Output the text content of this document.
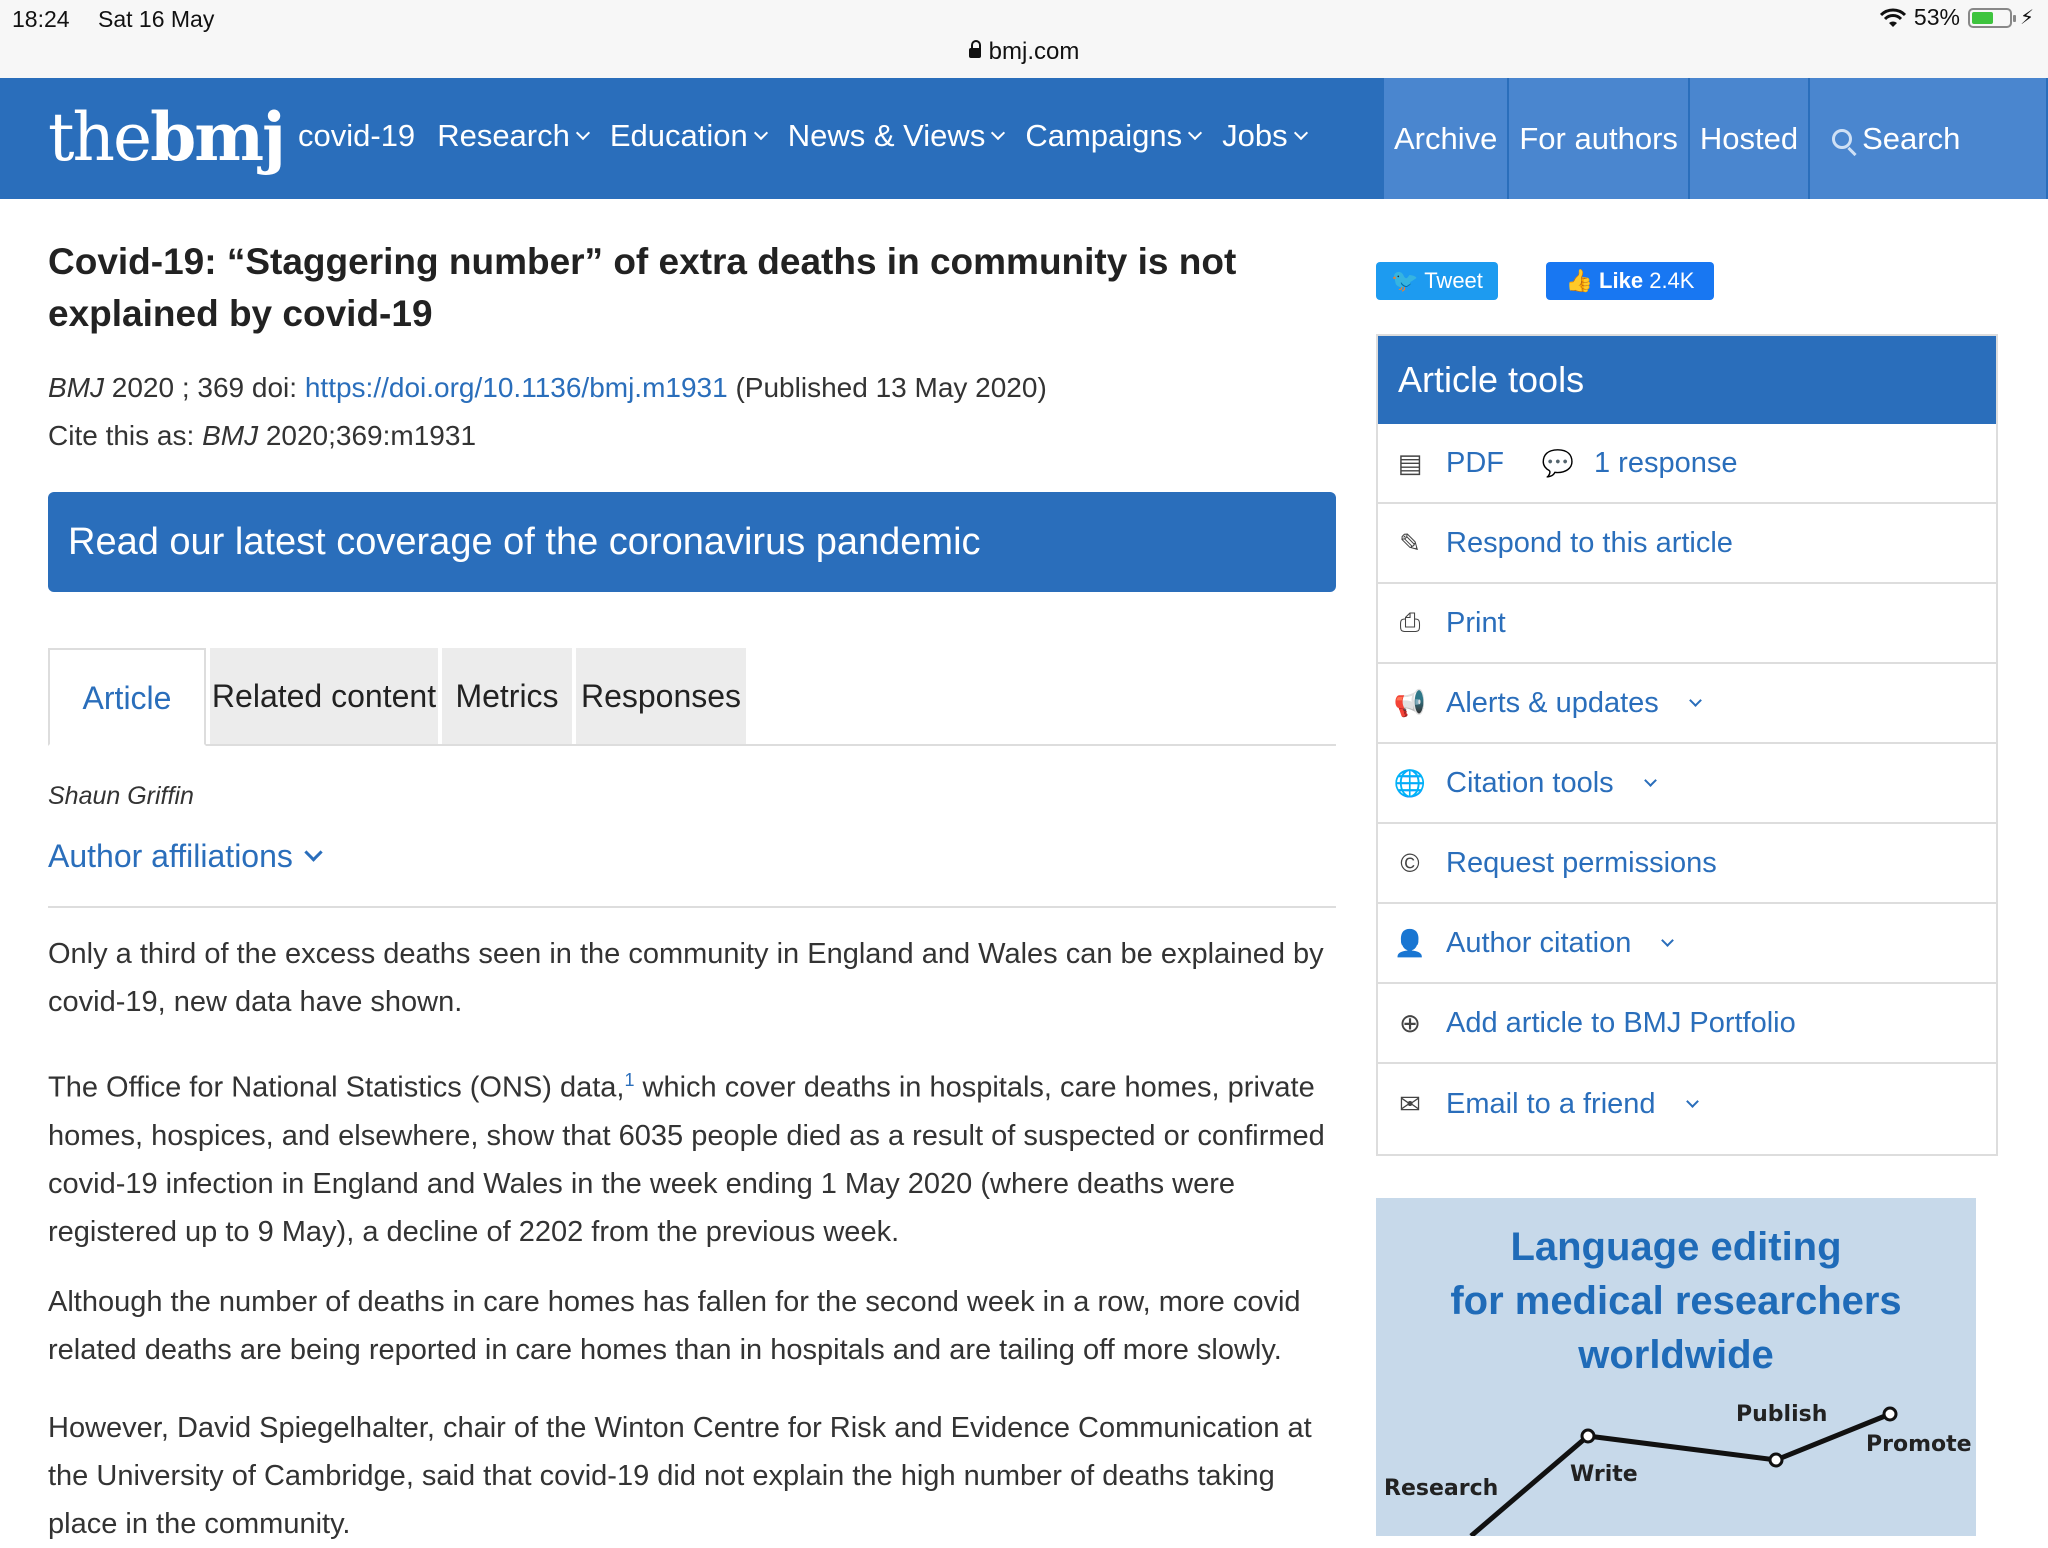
18:24 Sat 16 May
bmj.com
53%	⚡
thebmj covid-19 Research Education News & Views Campaigns Jobs	Archive For authors Hosted	Search
Covid-19: “Staggering number” of extra deaths in community is not explained by covid-19
BMJ 2020 ; 369 doi: https://doi.org/10.1136/bmj.m1931 (Published 13 May 2020)
Cite this as: BMJ 2020;369:m1931
Read our latest coverage of the coronavirus pandemic
Article	Related content Metrics Responses
Shaun Griffin
Author affiliations
Only a third of the excess deaths seen in the community in England and Wales can be explained by covid-19, new data have shown.
The Office for National Statistics (ONS) data,$^1$ which cover deaths in hospitals, care homes, private homes, hospices, and elsewhere, show that 6035 people died as a result of suspected or confirmed covid-19 infection in England and Wales in the week ending 1 May 2020 (where deaths were registered up to 9 May), a decline of 2202 from the previous week.
Although the number of deaths in care homes has fallen for the second week in a row, more covid related deaths are being reported in care homes than in hospitals and are tailing off more slowly.
However, David Spiegelhalter, chair of the Winton Centre for Risk and Evidence Communication at the University of Cambridge, said that covid-19 did not explain the high number of deaths taking place in the community.
🐦 Tweet	👍 Like 2.4K
Article tools
▤ PDF 💬 1 response
✎ Respond to this article
⎙ Print
📢 Alerts & updates
🌐 Citation tools
© Request permissions
👤 Author citation
⊕ Add article to BMJ Portfolio
✉ Email to a friend
Language editing
for medical researchers
worldwide
Research
Write
Publish
Promote
